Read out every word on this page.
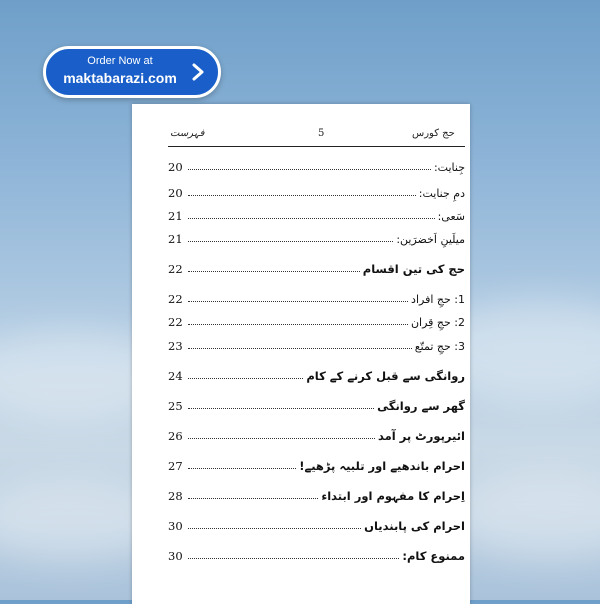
Order Now at
maktabarazi.com
فہرست	5	حج کورس
20	جِنایت:
20	دمِ جنایت:
21	سَعی:
21	میلَینِ اَخضرَین:
22	حج کی تین اقسام
22	1: حجِ افراد
22	2: حجِ قِران
23	3: حجِ تمتّع
24	روانگی سے قبل کرنے کے کام
25	گھر سے روانگی
26	ائیرپورٹ پر آمد
27	احرام باندھیے اور تلبیہ پڑھیے!
28	اِحرام کا مفہوم اور ابتداء
30	احرام کی پابندیاں
30	ممنوع کام:
